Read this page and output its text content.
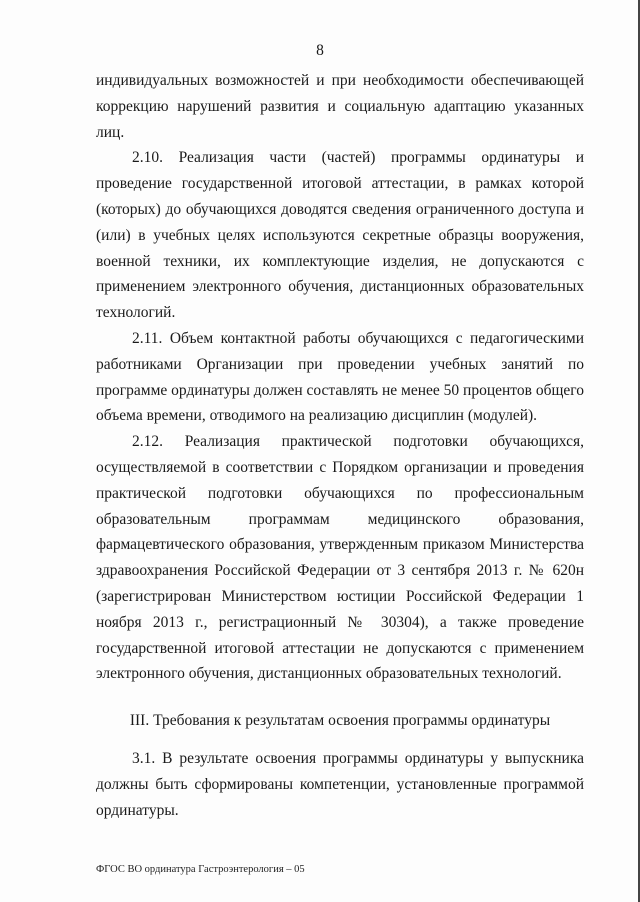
8

индивидуальных возможностей и при необходимости обеспечивающей коррекцию нарушений развития и социальную адаптацию указанных лиц.

2.10. Реализация части (частей) программы ординатуры и проведение государственной итоговой аттестации, в рамках которой (которых) до обучающихся доводятся сведения ограниченного доступа и (или) в учебных целях используются секретные образцы вооружения, военной техники, их комплектующие изделия, не допускаются с применением электронного обучения, дистанционных образовательных технологий.

2.11. Объем контактной работы обучающихся с педагогическими работниками Организации при проведении учебных занятий по программе ординатуры должен составлять не менее 50 процентов общего объема времени, отводимого на реализацию дисциплин (модулей).

2.12. Реализация практической подготовки обучающихся, осуществляемой в соответствии с Порядком организации и проведения практической подготовки обучающихся по профессиональным образовательным программам медицинского образования, фармацевтического образования, утвержденным приказом Министерства здравоохранения Российской Федерации от 3 сентября 2013 г. № 620н (зарегистрирован Министерством юстиции Российской Федерации 1 ноября 2013 г., регистрационный № 30304), а также проведение государственной итоговой аттестации не допускаются с применением электронного обучения, дистанционных образовательных технологий.

III. Требования к результатам освоения программы ординатуры

3.1. В результате освоения программы ординатуры у выпускника должны быть сформированы компетенции, установленные программой ординатуры.

ФГОС ВО ординатура Гастроэнтерология – 05
